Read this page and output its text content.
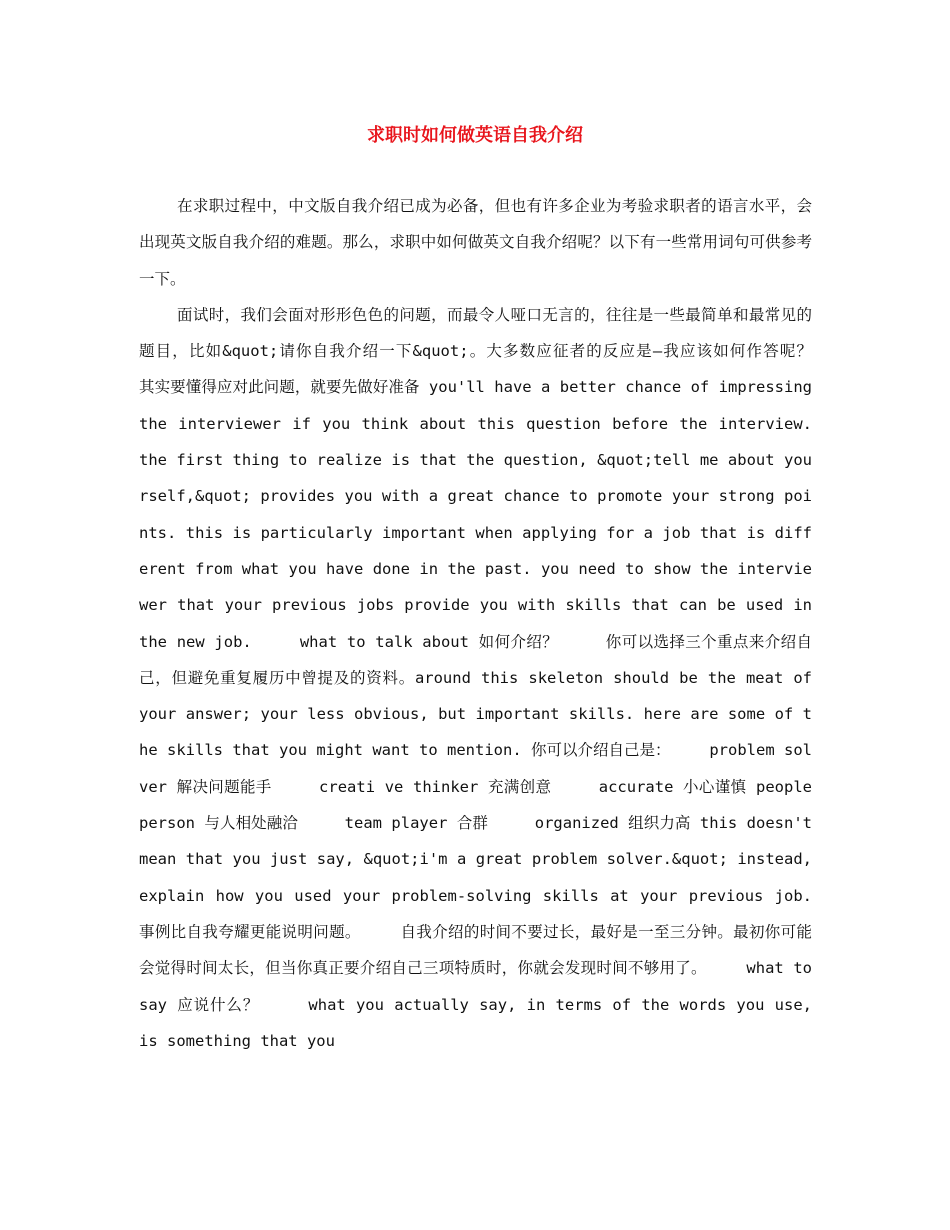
求职时如何做英语自我介绍

在求职过程中，中文版自我介绍已成为必备，但也有许多企业为考验求职者的语言水平，会出现英文版自我介绍的难题。那么，求职中如何做英文自我介绍呢？以下有一些常用词句可供参考一下。

面试时，我们会面对形形色色的问题，而最令人哑口无言的，往往是一些最简单和最常见的题目，比如&quot;请你自我介绍一下&quot;。大多数应征者的反应是—我应该如何作答呢？　　　其实要懂得应对此问题，就要先做好准备 you'll have a better chance of impressing the interviewer if you think about this question before the interview.　　　the first thing to realize is that the question, &quot;tell me about yourself,&quot; provides you with a great chance to promote your strong points. this is particularly important when applying for a job that is different from what you have done in the past. you need to show the interviewer that your previous jobs provide you with skills that can be used in the new job.　　　what to talk about 如何介绍？　　　你可以选择三个重点来介绍自己，但避免重复履历中曾提及的资料。around this skeleton should be the meat of your answer; your less obvious, but important skills. here are some of the skills that you might want to mention. 你可以介绍自己是：　　　problem solver 解决问题能手　　　creati ve thinker 充满创意　　　accurate 小心谨慎 people person 与人相处融洽　　　team player 合群　　　organized 组织力高 this doesn't mean that you just say, &quot;i'm a great problem solver.&quot; instead, explain how you used your problem-solving skills at your previous job. 事例比自我夸耀更能说明问题。　　　自我介绍的时间不要过长，最好是一至三分钟。最初你可能会觉得时间太长，但当你真正要介绍自己三项特质时，你就会发现时间不够用了。　　　what to say 应说什么？　　　what you actually say, in terms of the words you use, is something that you
